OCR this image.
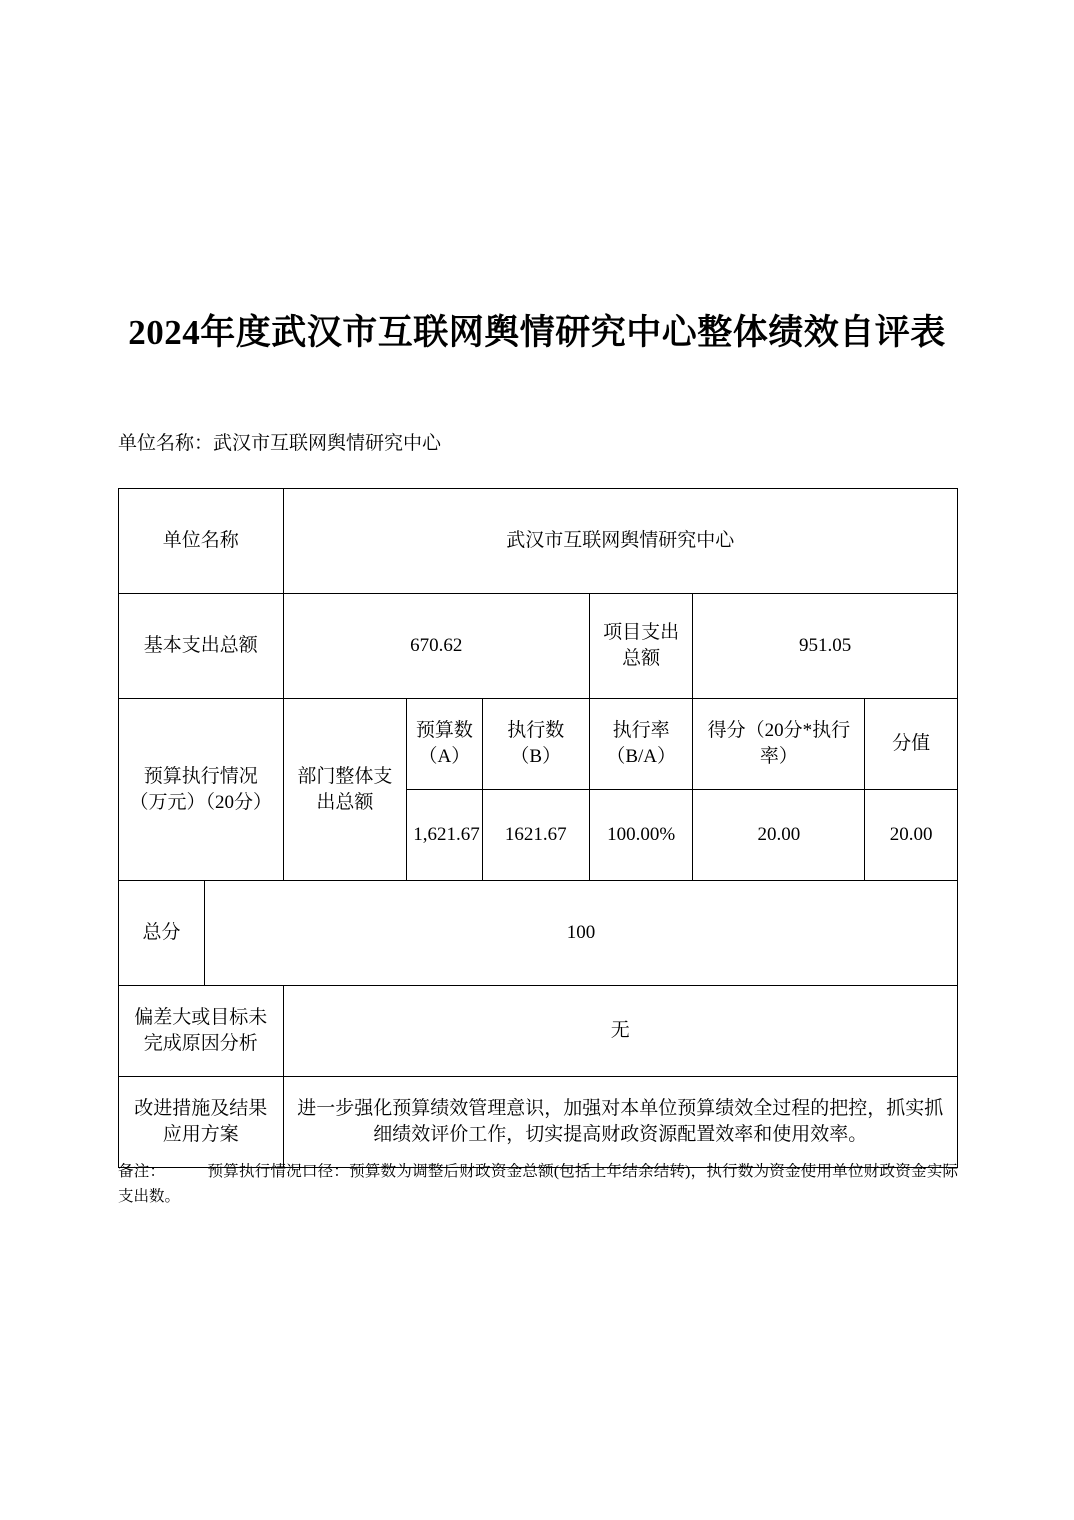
2024年度武汉市互联网舆情研究中心整体绩效自评表
单位名称：武汉市互联网舆情研究中心
单位名称		武汉市互联网舆情研究中心					
基本支出总额		670.62			项目支出总额	951.05	
预算执行情况（万元）（20分）		部门整体支出总额	预算数（A）	执行数（B）	执行率（B/A）	得分（20分*执行率）	分值
			1,621.67	1621.67	100.00%	20.00	20.00
总分	100						
偏差大或目标未完成原因分析		无					
改进措施及结果应用方案		进一步强化预算绩效管理意识，加强对本单位预算绩效全过程的把控，抓实抓细绩效评价工作，切实提高财政资源配置效率和使用效率。					
备注：	预算执行情况口径：预算数为调整后财政资金总额(包括上年结余结转)，执行数为资金使用单位财政资金实际支出数。
